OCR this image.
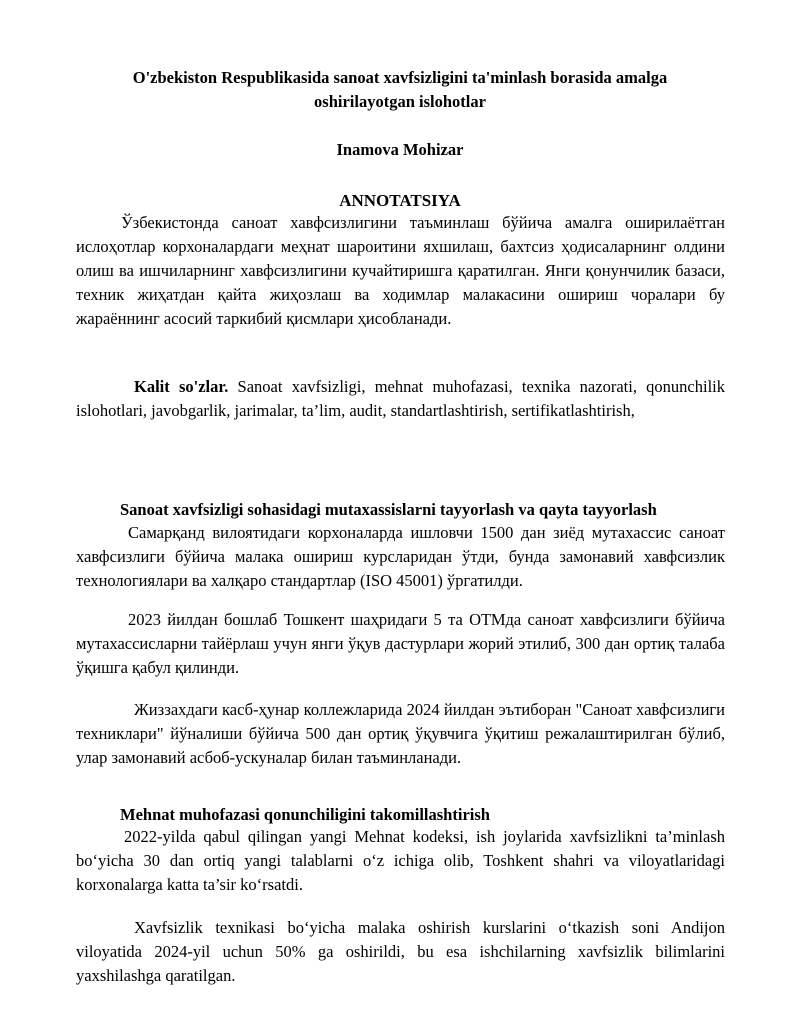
O'zbekiston Respublikasida sanoat xavfsizligini ta'minlash borasida amalga
oshirilayotgan islohotlar
Inamova Mohizar
ANNOTATSIYA

Ўзбекистонда саноат хавфсизлигини таъминлаш бўйича амалга оширилаётган ислоҳотлар корхоналардаги меҳнат шароитини яхшилаш, бахтсиз ҳодисаларнинг олдини олиш ва ишчиларнинг хавфсизлигини кучайтиришга қаратилган. Янги қонунчилик базаси, техник жиҳатдан қайта жиҳозлаш ва ходимлар малакасини ошириш чоралари бу жараённинг асосий таркибий қисмлари ҳисобланади.

Kalit so'zlar. Sanoat xavfsizligi, mehnat muhofazasi, texnika nazorati, qonunchilik islohotlari, javobgarlik, jarimalar, ta’lim, audit, standartlashtirish, sertifikatlashtirish,

Sanoat xavfsizligi sohasidagi mutaxassislarni tayyorlash va qayta tayyorlash

Самарқанд вилоятидаги корхоналарда ишловчи 1500 дан зиёд мутахассис саноат хавфсизлиги бўйича малака ошириш курсларидан ўтди, бунда замонавий хавфсизлик технологиялари ва халқаро стандартлар (ISO 45001) ўргатилди.

2023 йилдан бошлаб Тошкент шаҳридаги 5 та ОТМда саноат хавфсизлиги бўйича мутахассисларни тайёрлаш учун янги ўқув дастурлари жорий этилиб, 300 дан ортиқ талаба ўқишга қабул қилинди.

Жиззахдаги касб-ҳунар коллежларида 2024 йилдан эътиборан "Саноат хавфсизлиги техниклари" йўналиши бўйича 500 дан ортиқ ўқувчига ўқитиш режалаштирилган бўлиб, улар замонавий асбоб-ускуналар билан таъминланади.

Mehnat muhofazasi qonunchiligini takomillashtirish

2022-yilda qabul qilingan yangi Mehnat kodeksi, ish joylarida xavfsizlikni ta’minlash bo‘yicha 30 dan ortiq yangi talablarni o‘z ichiga olib, Toshkent shahri va viloyatlaridagi korxonalarga katta ta’sir ko‘rsatdi.

Xavfsizlik texnikasi bo‘yicha malaka oshirish kurslarini o‘tkazish soni Andijon viloyatida 2024-yil uchun 50% ga oshirildi, bu esa ishchilarning xavfsizlik bilimlarini yaxshilashga qaratilgan.
